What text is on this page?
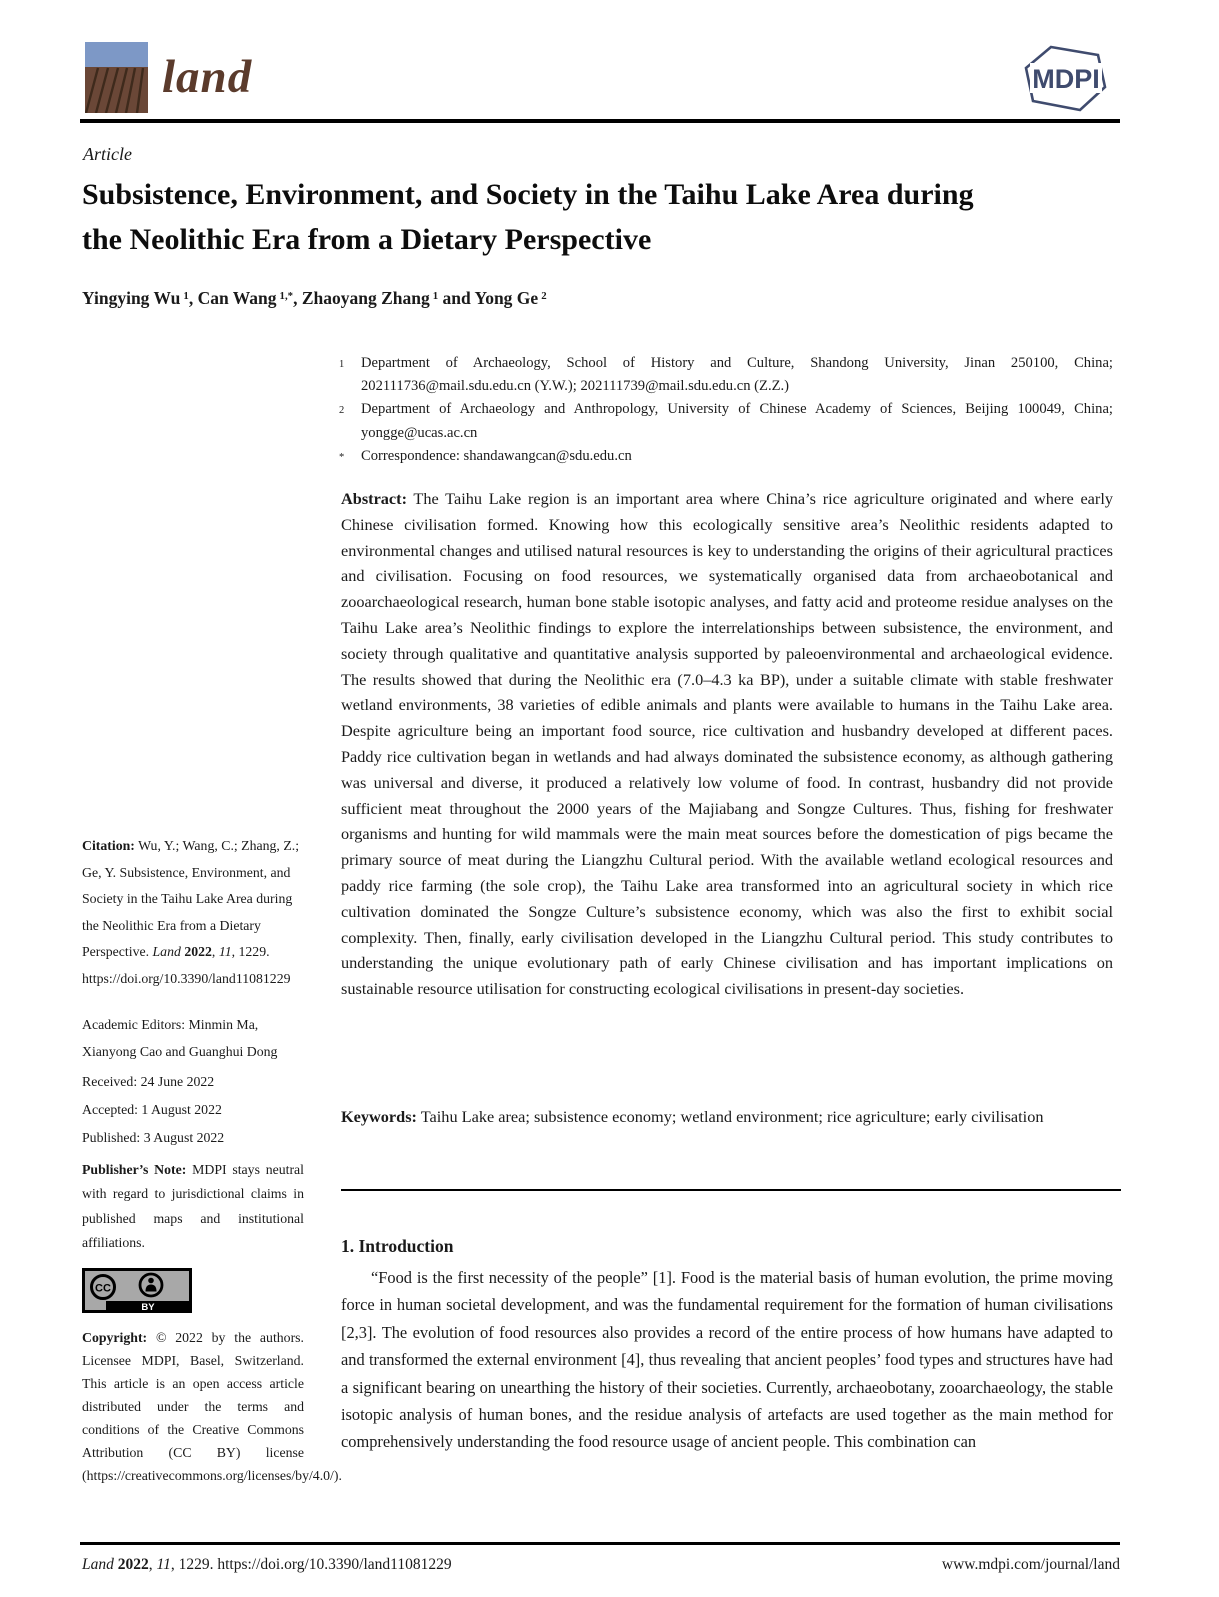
land	MDPI
Article
Subsistence, Environment, and Society in the Taihu Lake Area during the Neolithic Era from a Dietary Perspective
Yingying Wu $^1$, Can Wang $^{1,*}$, Zhaoyang Zhang $^1$ and Yong Ge $^2$
1	Department of Archaeology, School of History and Culture, Shandong University, Jinan 250100, China; 202111736@mail.sdu.edu.cn (Y.W.); 202111739@mail.sdu.edu.cn (Z.Z.)
2	Department of Archaeology and Anthropology, University of Chinese Academy of Sciences, Beijing 100049, China; yongge@ucas.ac.cn
*	Correspondence: shandawangcan@sdu.edu.cn

Abstract: The Taihu Lake region is an important area where China’s rice agriculture originated and where early Chinese civilisation formed. Knowing how this ecologically sensitive area’s Neolithic residents adapted to environmental changes and utilised natural resources is key to understanding the origins of their agricultural practices and civilisation. Focusing on food resources, we systematically organised data from archaeobotanical and zooarchaeological research, human bone stable isotopic analyses, and fatty acid and proteome residue analyses on the Taihu Lake area’s Neolithic findings to explore the interrelationships between subsistence, the environment, and society through qualitative and quantitative analysis supported by paleoenvironmental and archaeological evidence. The results showed that during the Neolithic era (7.0–4.3 ka BP), under a suitable climate with stable freshwater wetland environments, 38 varieties of edible animals and plants were available to humans in the Taihu Lake area. Despite agriculture being an important food source, rice cultivation and husbandry developed at different paces. Paddy rice cultivation began in wetlands and had always dominated the subsistence economy, as although gathering was universal and diverse, it produced a relatively low volume of food. In contrast, husbandry did not provide sufficient meat throughout the 2000 years of the Majiabang and Songze Cultures. Thus, fishing for freshwater organisms and hunting for wild mammals were the main meat sources before the domestication of pigs became the primary source of meat during the Liangzhu Cultural period. With the available wetland ecological resources and paddy rice farming (the sole crop), the Taihu Lake area transformed into an agricultural society in which rice cultivation dominated the Songze Culture’s subsistence economy, which was also the first to exhibit social complexity. Then, finally, early civilisation developed in the Liangzhu Cultural period. This study contributes to understanding the unique evolutionary path of early Chinese civilisation and has important implications on sustainable resource utilisation for constructing ecological civilisations in present-day societies.

Keywords: Taihu Lake area; subsistence economy; wetland environment; rice agriculture; early civilisation

1. Introduction

“Food is the first necessity of the people” [1]. Food is the material basis of human evolution, the prime moving force in human societal development, and was the fundamental requirement for the formation of human civilisations [2,3]. The evolution of food resources also provides a record of the entire process of how humans have adapted to and transformed the external environment [4], thus revealing that ancient peoples’ food types and structures have had a significant bearing on unearthing the history of their societies. Currently, archaeobotany, zooarchaeology, the stable isotopic analysis of human bones, and the residue analysis of artefacts are used together as the main method for comprehensively understanding the food resource usage of ancient people. This combination can

Citation: Wu, Y.; Wang, C.; Zhang, Z.; Ge, Y. Subsistence, Environment, and Society in the Taihu Lake Area during the Neolithic Era from a Dietary Perspective. Land 2022, 11, 1229. https://doi.org/10.3390/land11081229
Academic Editors: Minmin Ma, Xianyong Cao and Guanghui Dong
Received: 24 June 2022
Accepted: 1 August 2022
Published: 3 August 2022
Publisher’s Note: MDPI stays neutral with regard to jurisdictional claims in published maps and institutional affiliations.
CC
BY
Copyright: © 2022 by the authors. Licensee MDPI, Basel, Switzerland. This article is an open access article distributed under the terms and conditions of the Creative Commons Attribution (CC BY) license (https://creativecommons.org/licenses/by/4.0/).
Land 2022, 11, 1229. https://doi.org/10.3390/land11081229	www.mdpi.com/journal/land
